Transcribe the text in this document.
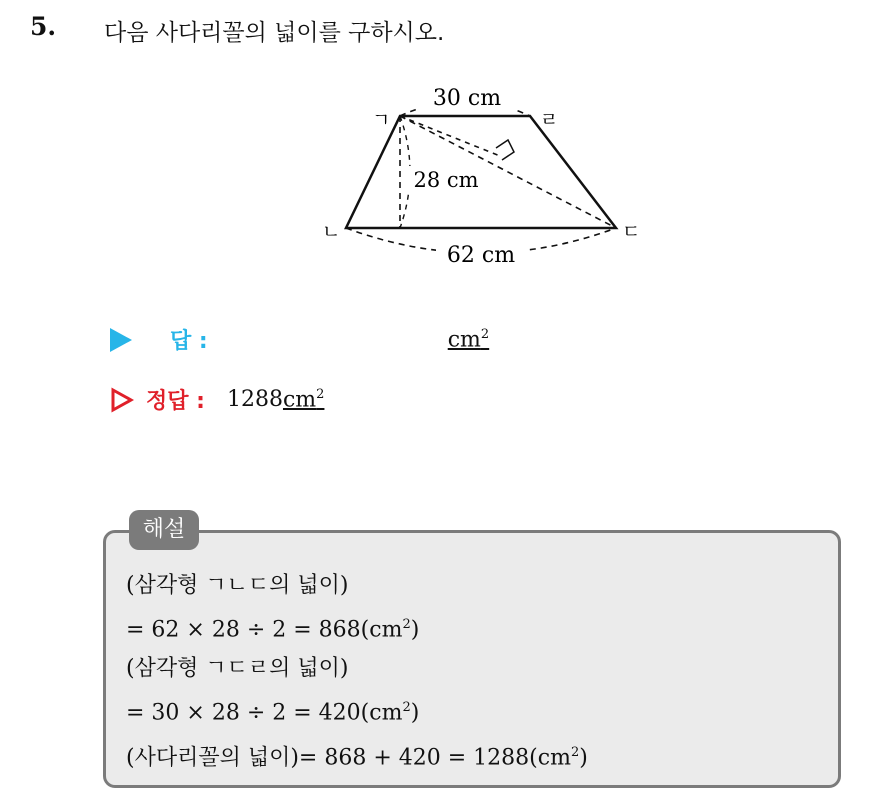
5. 다음 사다리꼴의 넓이를 구하시오.
30 cm
28 cm
62 cm
ㄱ
ㄴ	ㄷ
ㄹ
답 :	$cm^2$
정답 : 1288 $cm^2$
해설
(삼각형 ㄱㄴㄷ의 넓이)
= $62 \times 28 \div 2 = 868(cm^2)$
(삼각형 ㄱㄷㄹ의 넓이)
= $30 \times 28 \div 2 = 420(cm^2)$
(사다리꼴의 넓이)= $868 + 420 = 1288(cm^2)$
